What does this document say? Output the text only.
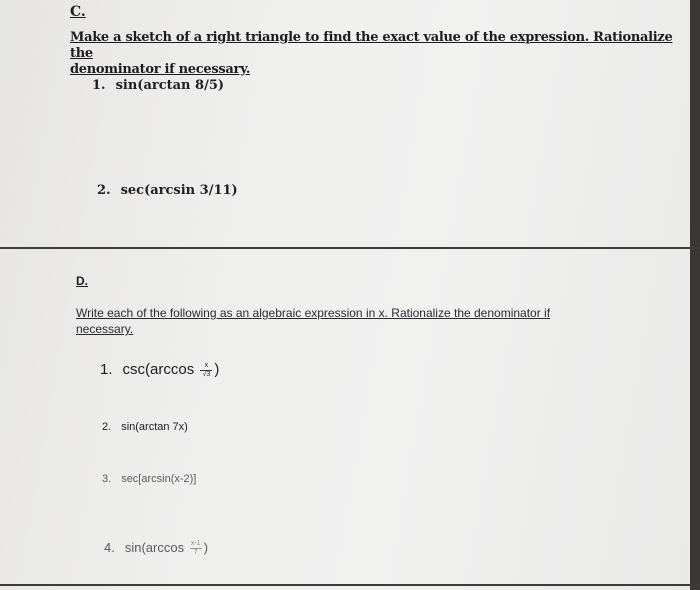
C.
Make a sketch of a right triangle to find the exact value of the expression. Rationalize the
denominator if necessary.
1. sin(arctan 8/5)
2. sec(arcsin 3/11)
D.
Write each of the following as an algebraic expression in x. Rationalize the denominator if
necessary.
1. $\csc(\arccos \frac{x}{√3}$ )
2. sin(arctan 7x)
3. sec[arcsin(x-2)]
4. $\sin(\arccos \frac{x-1}{7}$ )
